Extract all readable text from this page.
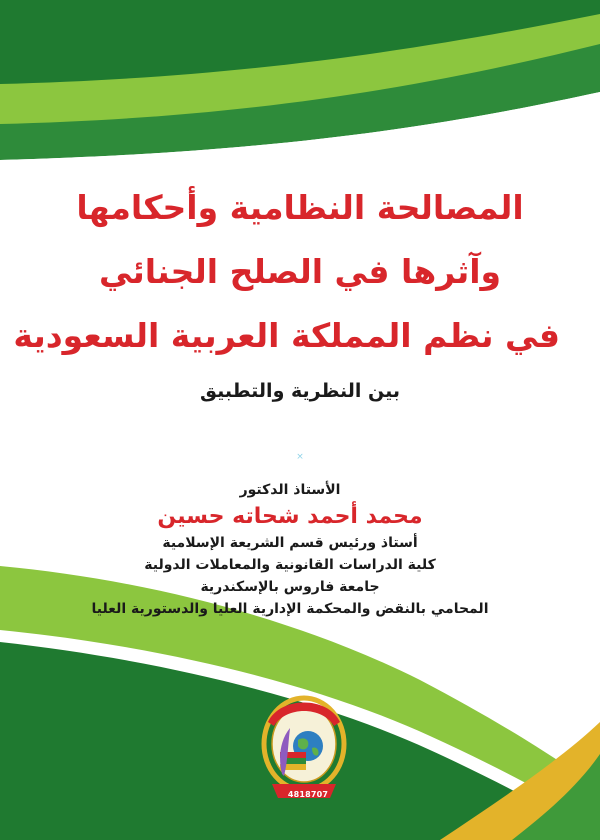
المصالحة النظامية وأحكامها
وآثرها في الصلح الجنائي
في نظم المملكة العربية السعودية
بين النظرية والتطبيق
×
الأستاذ الدكتور
محمد أحمد شحاته حسين
أستاذ ورئيس قسم الشريعة الإسلامية
كلية الدراسات القانونية والمعاملات الدولية
جامعة فاروس بالإسكندرية
المحامي بالنقض والمحكمة الإدارية العليا والدستورية العليا
4818707
